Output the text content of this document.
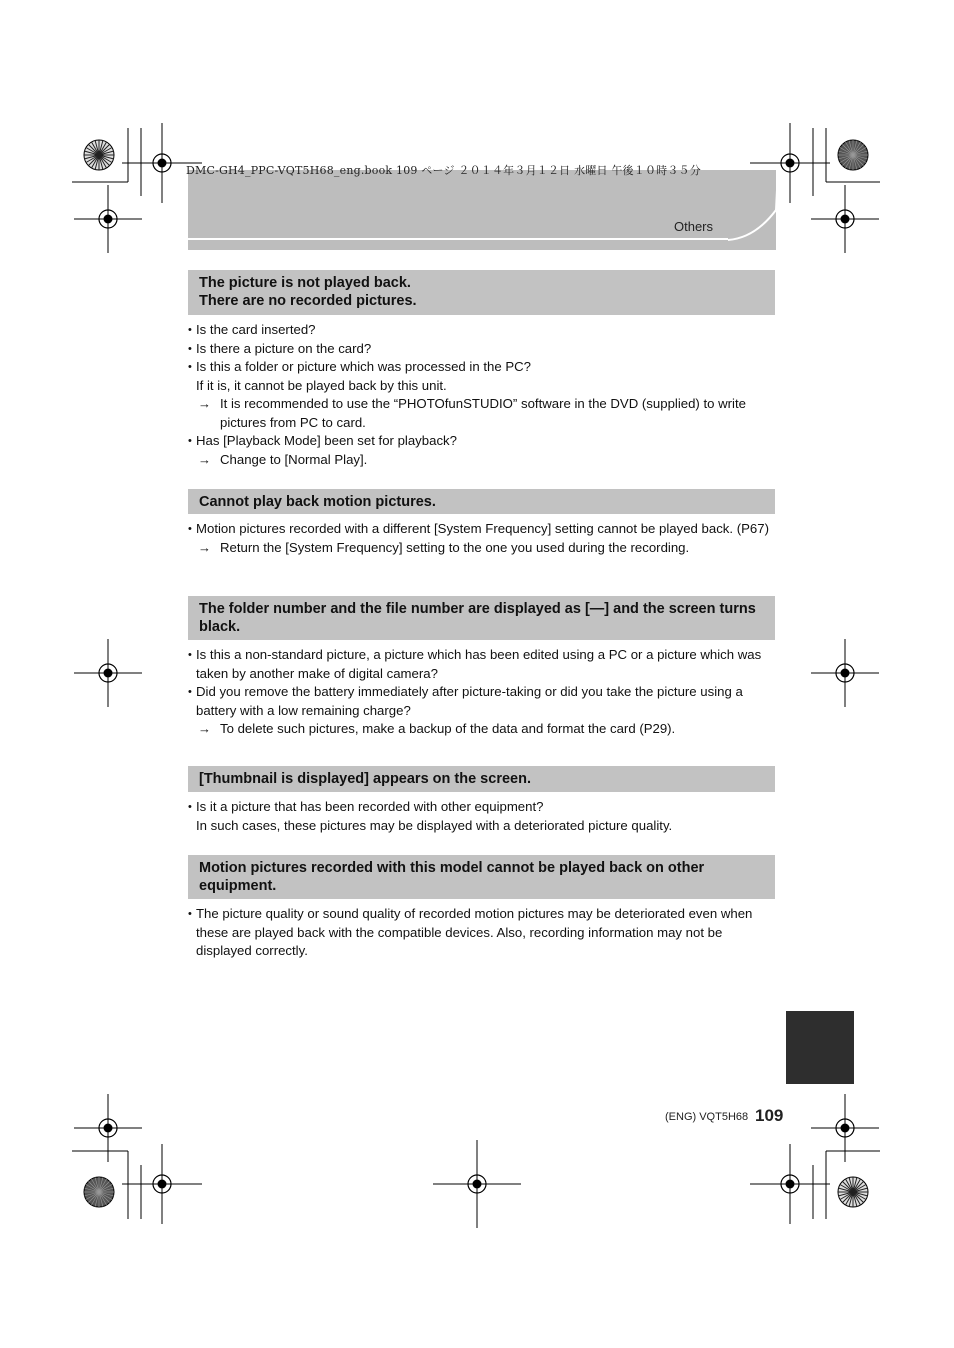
DMC-GH4_PPC-VQT5H68_eng.book 109 ページ ２０１４年３月１２日 水曜日 午後１０時３５分
Others
The picture is not played back.
There are no recorded pictures.
• Is the card inserted?
• Is there a picture on the card?
• Is this a folder or picture which was processed in the PC?
If it is, it cannot be played back by this unit.
→ It is recommended to use the “PHOTOfunSTUDIO” software in the DVD (supplied) to write pictures from PC to card.
• Has [Playback Mode] been set for playback?
→ Change to [Normal Play].
Cannot play back motion pictures.
• Motion pictures recorded with a different [System Frequency] setting cannot be played back. (P67)
→ Return the [System Frequency] setting to the one you used during the recording.
The folder number and the file number are displayed as [—] and the screen turns
black.
• Is this a non-standard picture, a picture which has been edited using a PC or a picture which was taken by another make of digital camera?
• Did you remove the battery immediately after picture-taking or did you take the picture using a battery with a low remaining charge?
→ To delete such pictures, make a backup of the data and format the card (P29).
[Thumbnail is displayed] appears on the screen.
• Is it a picture that has been recorded with other equipment?
In such cases, these pictures may be displayed with a deteriorated picture quality.
Motion pictures recorded with this model cannot be played back on other
equipment.
• The picture quality or sound quality of recorded motion pictures may be deteriorated even when these are played back with the compatible devices. Also, recording information may not be displayed correctly.
(ENG) VQT5H68 109
